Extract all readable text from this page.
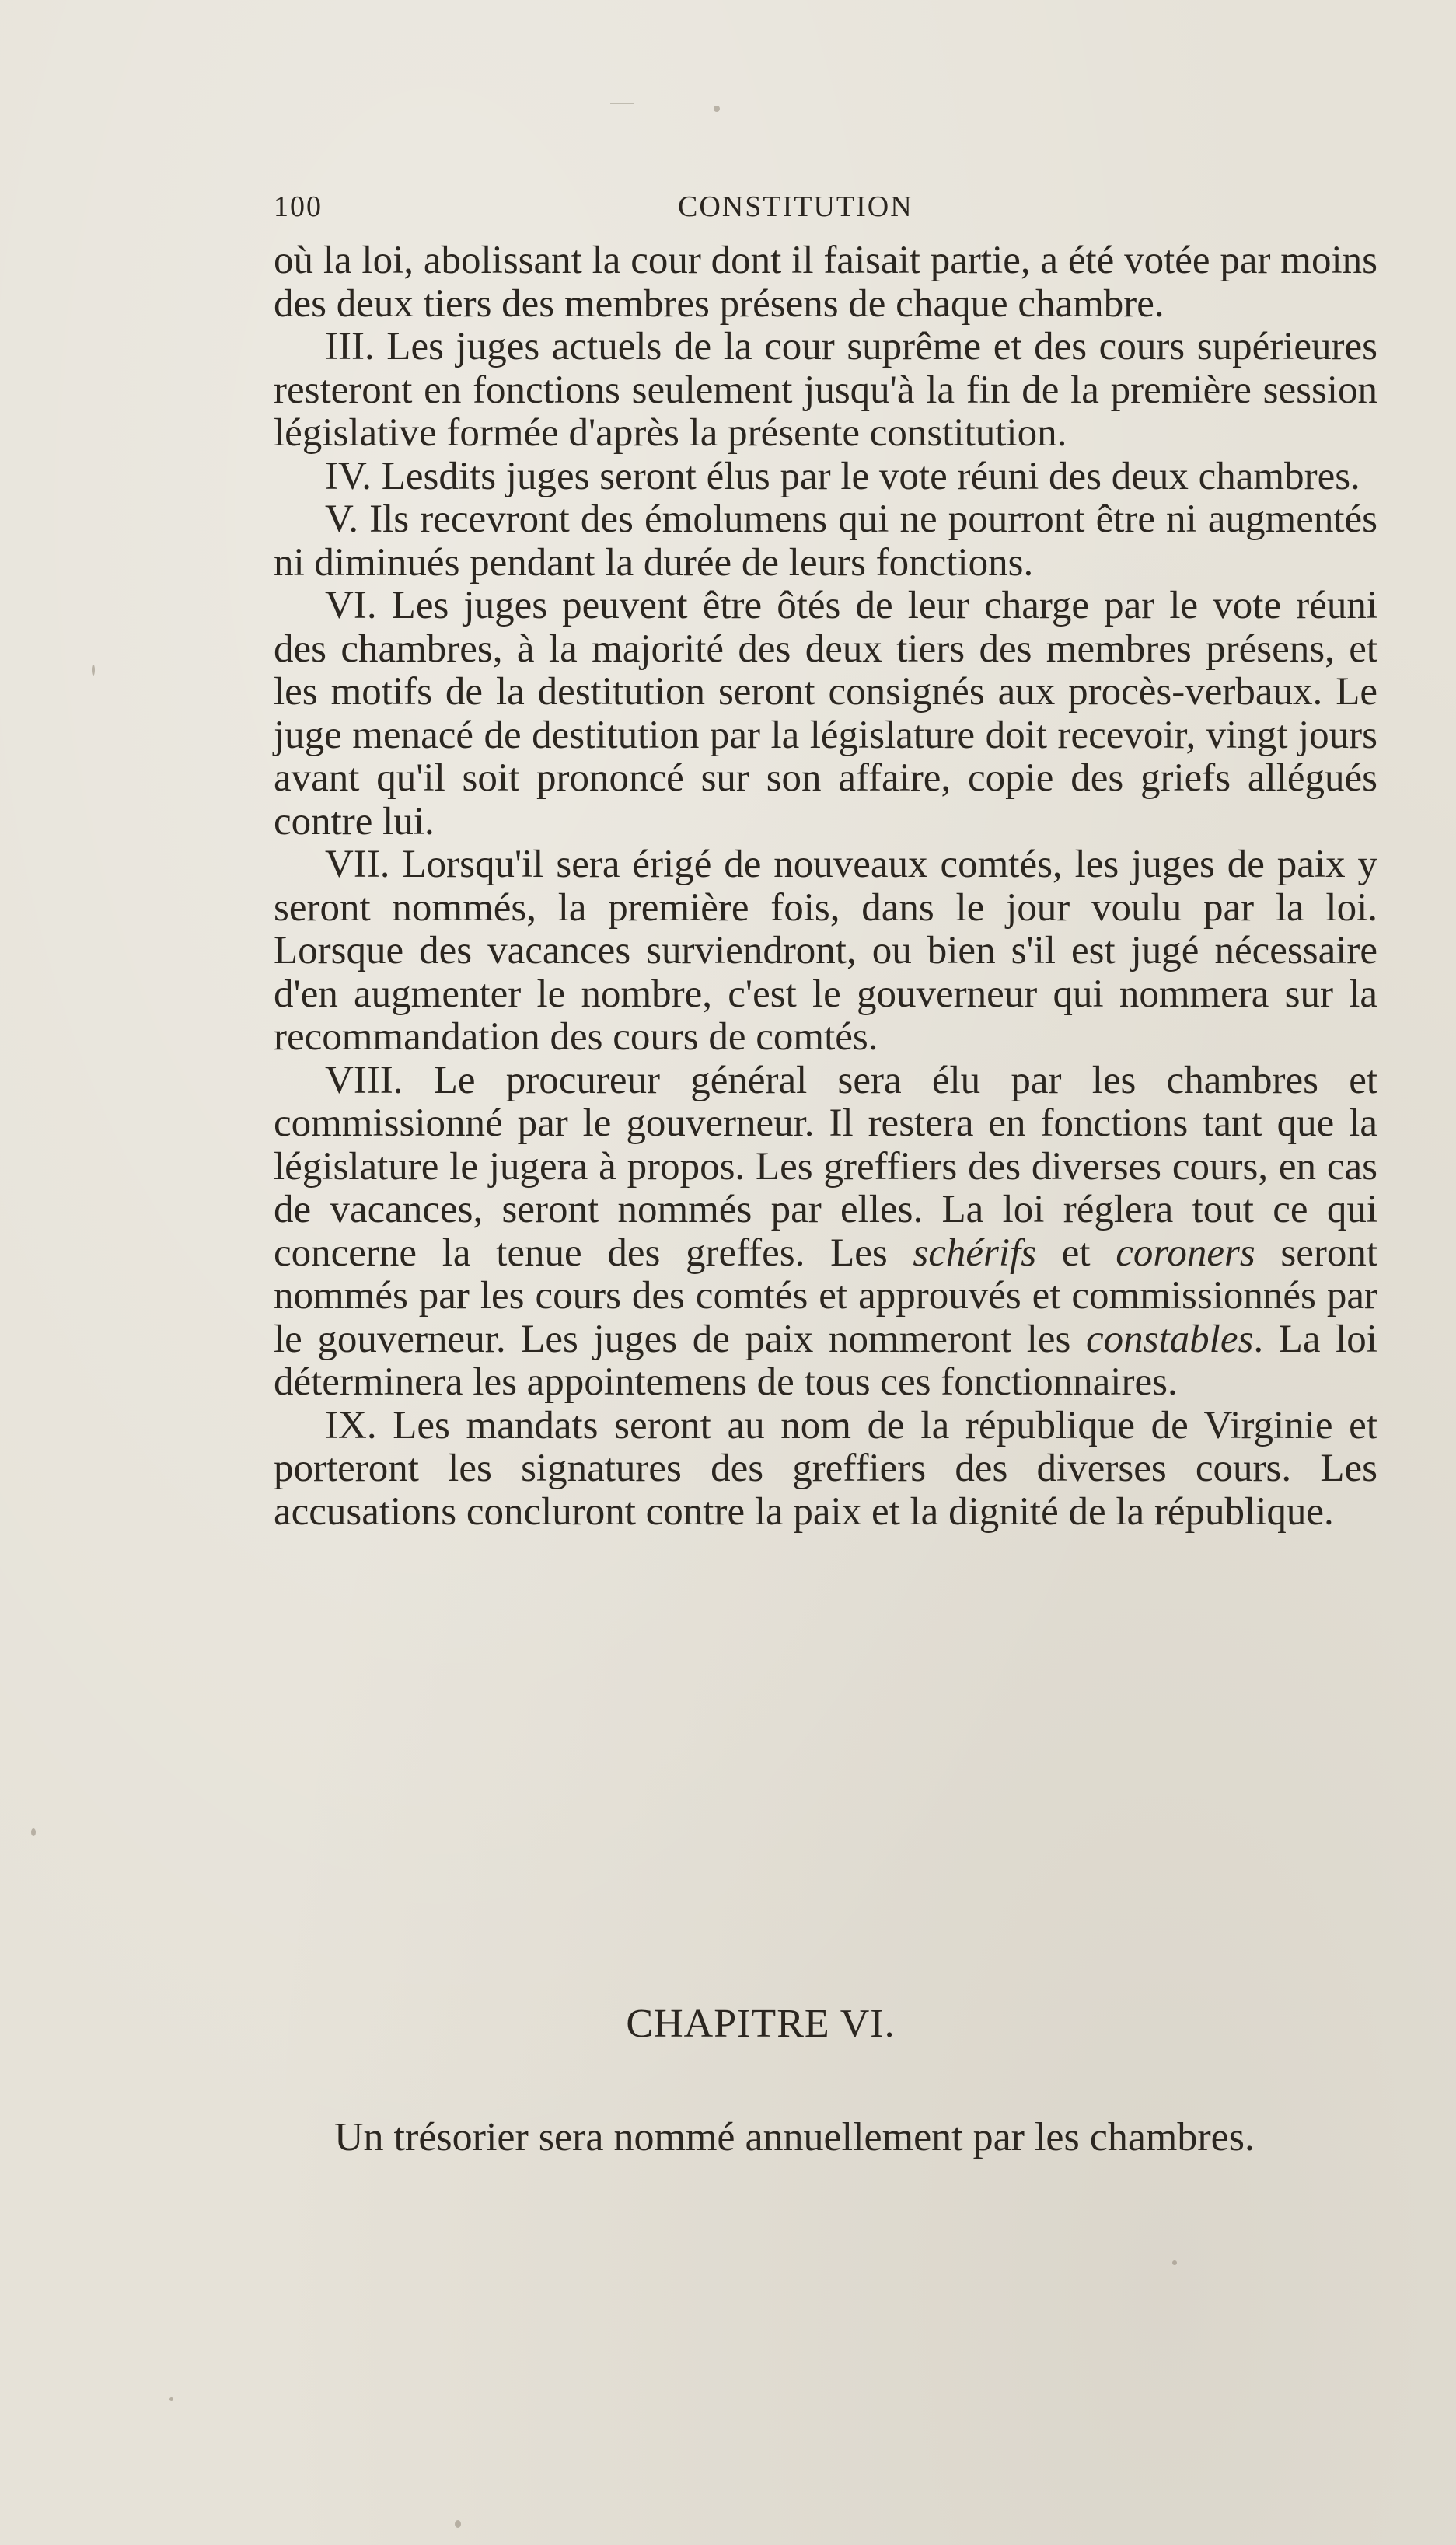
100	CONSTITUTION

où la loi, abolissant la cour dont il faisait partie, a été votée par moins des deux tiers des membres présens de chaque chambre.

III. Les juges actuels de la cour suprême et des cours supérieures resteront en fonctions seulement jusqu'à la fin de la première session législative formée d'après la présente constitution.

IV. Lesdits juges seront élus par le vote réuni des deux chambres.

V. Ils recevront des émolumens qui ne pourront être ni augmentés ni diminués pendant la durée de leurs fonctions.

VI. Les juges peuvent être ôtés de leur charge par le vote réuni des chambres, à la majorité des deux tiers des membres présens, et les motifs de la destitution seront consignés aux procès-verbaux. Le juge menacé de destitution par la législature doit recevoir, vingt jours avant qu'il soit prononcé sur son affaire, copie des griefs allégués contre lui.

VII. Lorsqu'il sera érigé de nouveaux comtés, les juges de paix y seront nommés, la première fois, dans le jour voulu par la loi. Lorsque des vacances surviendront, ou bien s'il est jugé nécessaire d'en augmenter le nombre, c'est le gouverneur qui nommera sur la recommandation des cours de comtés.

VIII. Le procureur général sera élu par les chambres et commissionné par le gouverneur. Il restera en fonctions tant que la législature le jugera à propos. Les greffiers des diverses cours, en cas de vacances, seront nommés par elles. La loi réglera tout ce qui concerne la tenue des greffes. Les schérifs et coroners seront nommés par les cours des comtés et approuvés et commissionnés par le gouverneur. Les juges de paix nommeront les constables. La loi déterminera les appointemens de tous ces fonctionnaires.

IX. Les mandats seront au nom de la république de Virginie et porteront les signatures des greffiers des diverses cours. Les accusations concluront contre la paix et la dignité de la république.

CHAPITRE VI.
Un trésorier sera nommé annuellement par les chambres.
